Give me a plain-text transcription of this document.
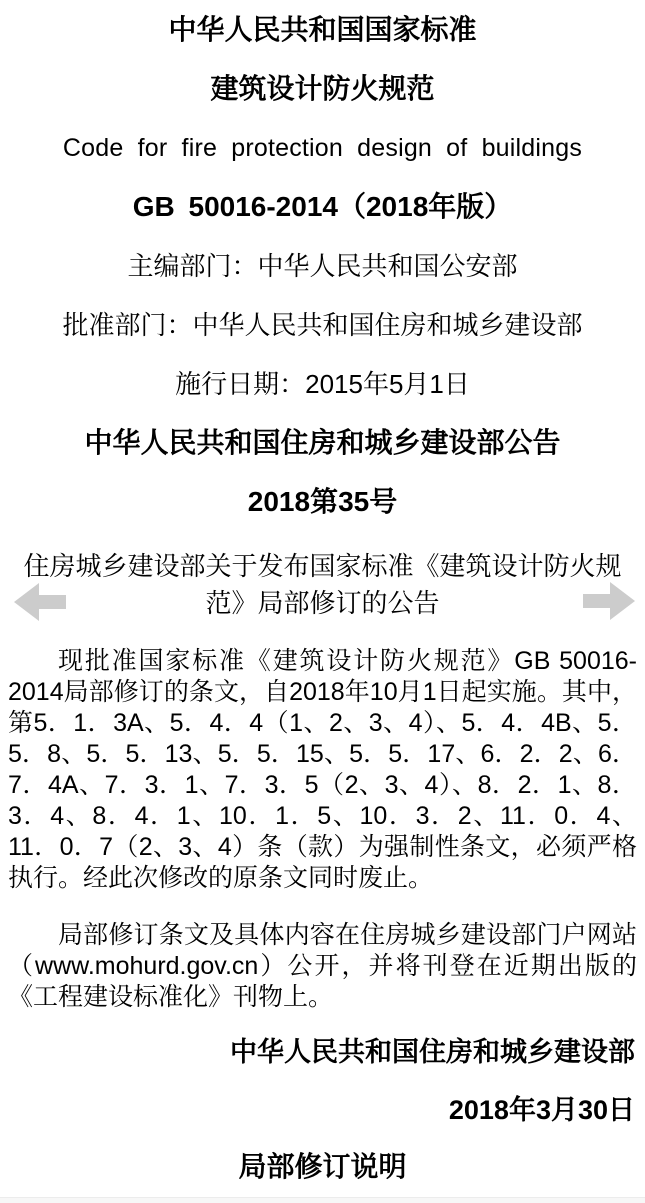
中华人民共和国国家标准

建筑设计防火规范

Code for fire protection design of buildings

GB 50016-2014（2018年版）

主编部门：中华人民共和国公安部

批准部门：中华人民共和国住房和城乡建设部

施行日期：2015年5月1日

中华人民共和国住房和城乡建设部公告

2018第35号

住房城乡建设部关于发布国家标准《建筑设计防火规范》局部修订的公告

现批准国家标准《建筑设计防火规范》GB 50016-2014局部修订的条文，自2018年10月1日起实施。其中，第5．1．3A、5．4．4（1、2、3、4）、5．4．4B、5．5．8、5．5．13、5．5．15、5．5．17、6．2．2、6．7．4A、7．3．1、7．3．5（2、3、4）、8．2．1、8．3．4、8．4．1、10．1．5、10．3．2、11．0．4、11．0．7（2、3、4）条（款）为强制性条文，必须严格执行。经此次修改的原条文同时废止。

局部修订条文及具体内容在住房城乡建设部门户网站（www.mohurd.gov.cn）公开，并将刊登在近期出版的《工程建设标准化》刊物上。

中华人民共和国住房和城乡建设部

2018年3月30日

局部修订说明
